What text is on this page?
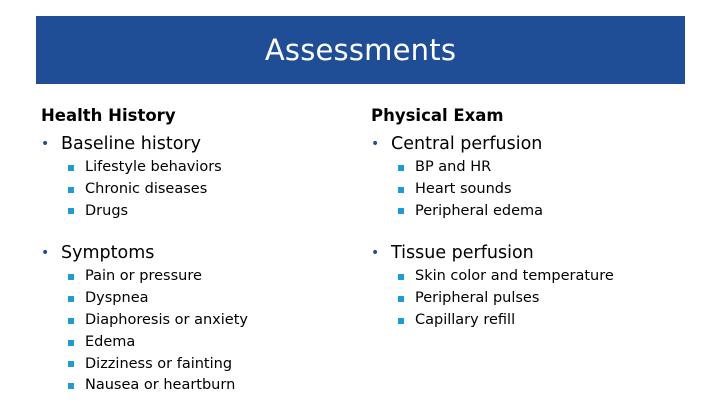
Assessments
Health History
• Baseline history
Lifestyle behaviors
Chronic diseases
Drugs
• Symptoms
Pain or pressure
Dyspnea
Diaphoresis or anxiety
Edema
Dizziness or fainting
Nausea or heartburn
Physical Exam
• Central perfusion
BP and HR
Heart sounds
Peripheral edema
• Tissue perfusion
Skin color and temperature
Peripheral pulses
Capillary refill
